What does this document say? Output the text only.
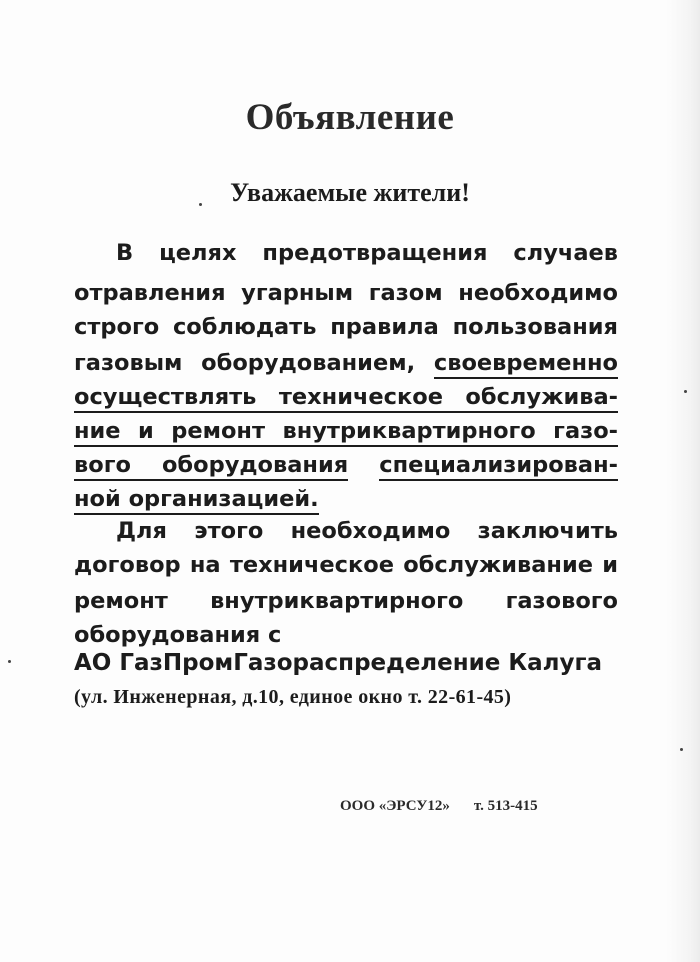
Объявление
Уважаемые жители!
В целях предотвращения случаев
отравления угарным газом необходимо
строго соблюдать правила пользования
газовым оборудованием, своевременно
осуществлять техническое обслужива-
ние и ремонт внутриквартирного газо-
вого оборудования специализирован-
ной организацией.
Для этого необходимо заключить
договор на техническое обслуживание и
ремонт внутриквартирного газового
оборудования с
АО ГазПромГазораспределение Калуга
(ул. Инженерная, д.10, единое окно т. 22-61-45)
ООО «ЭРСУ12» т. 513-415
